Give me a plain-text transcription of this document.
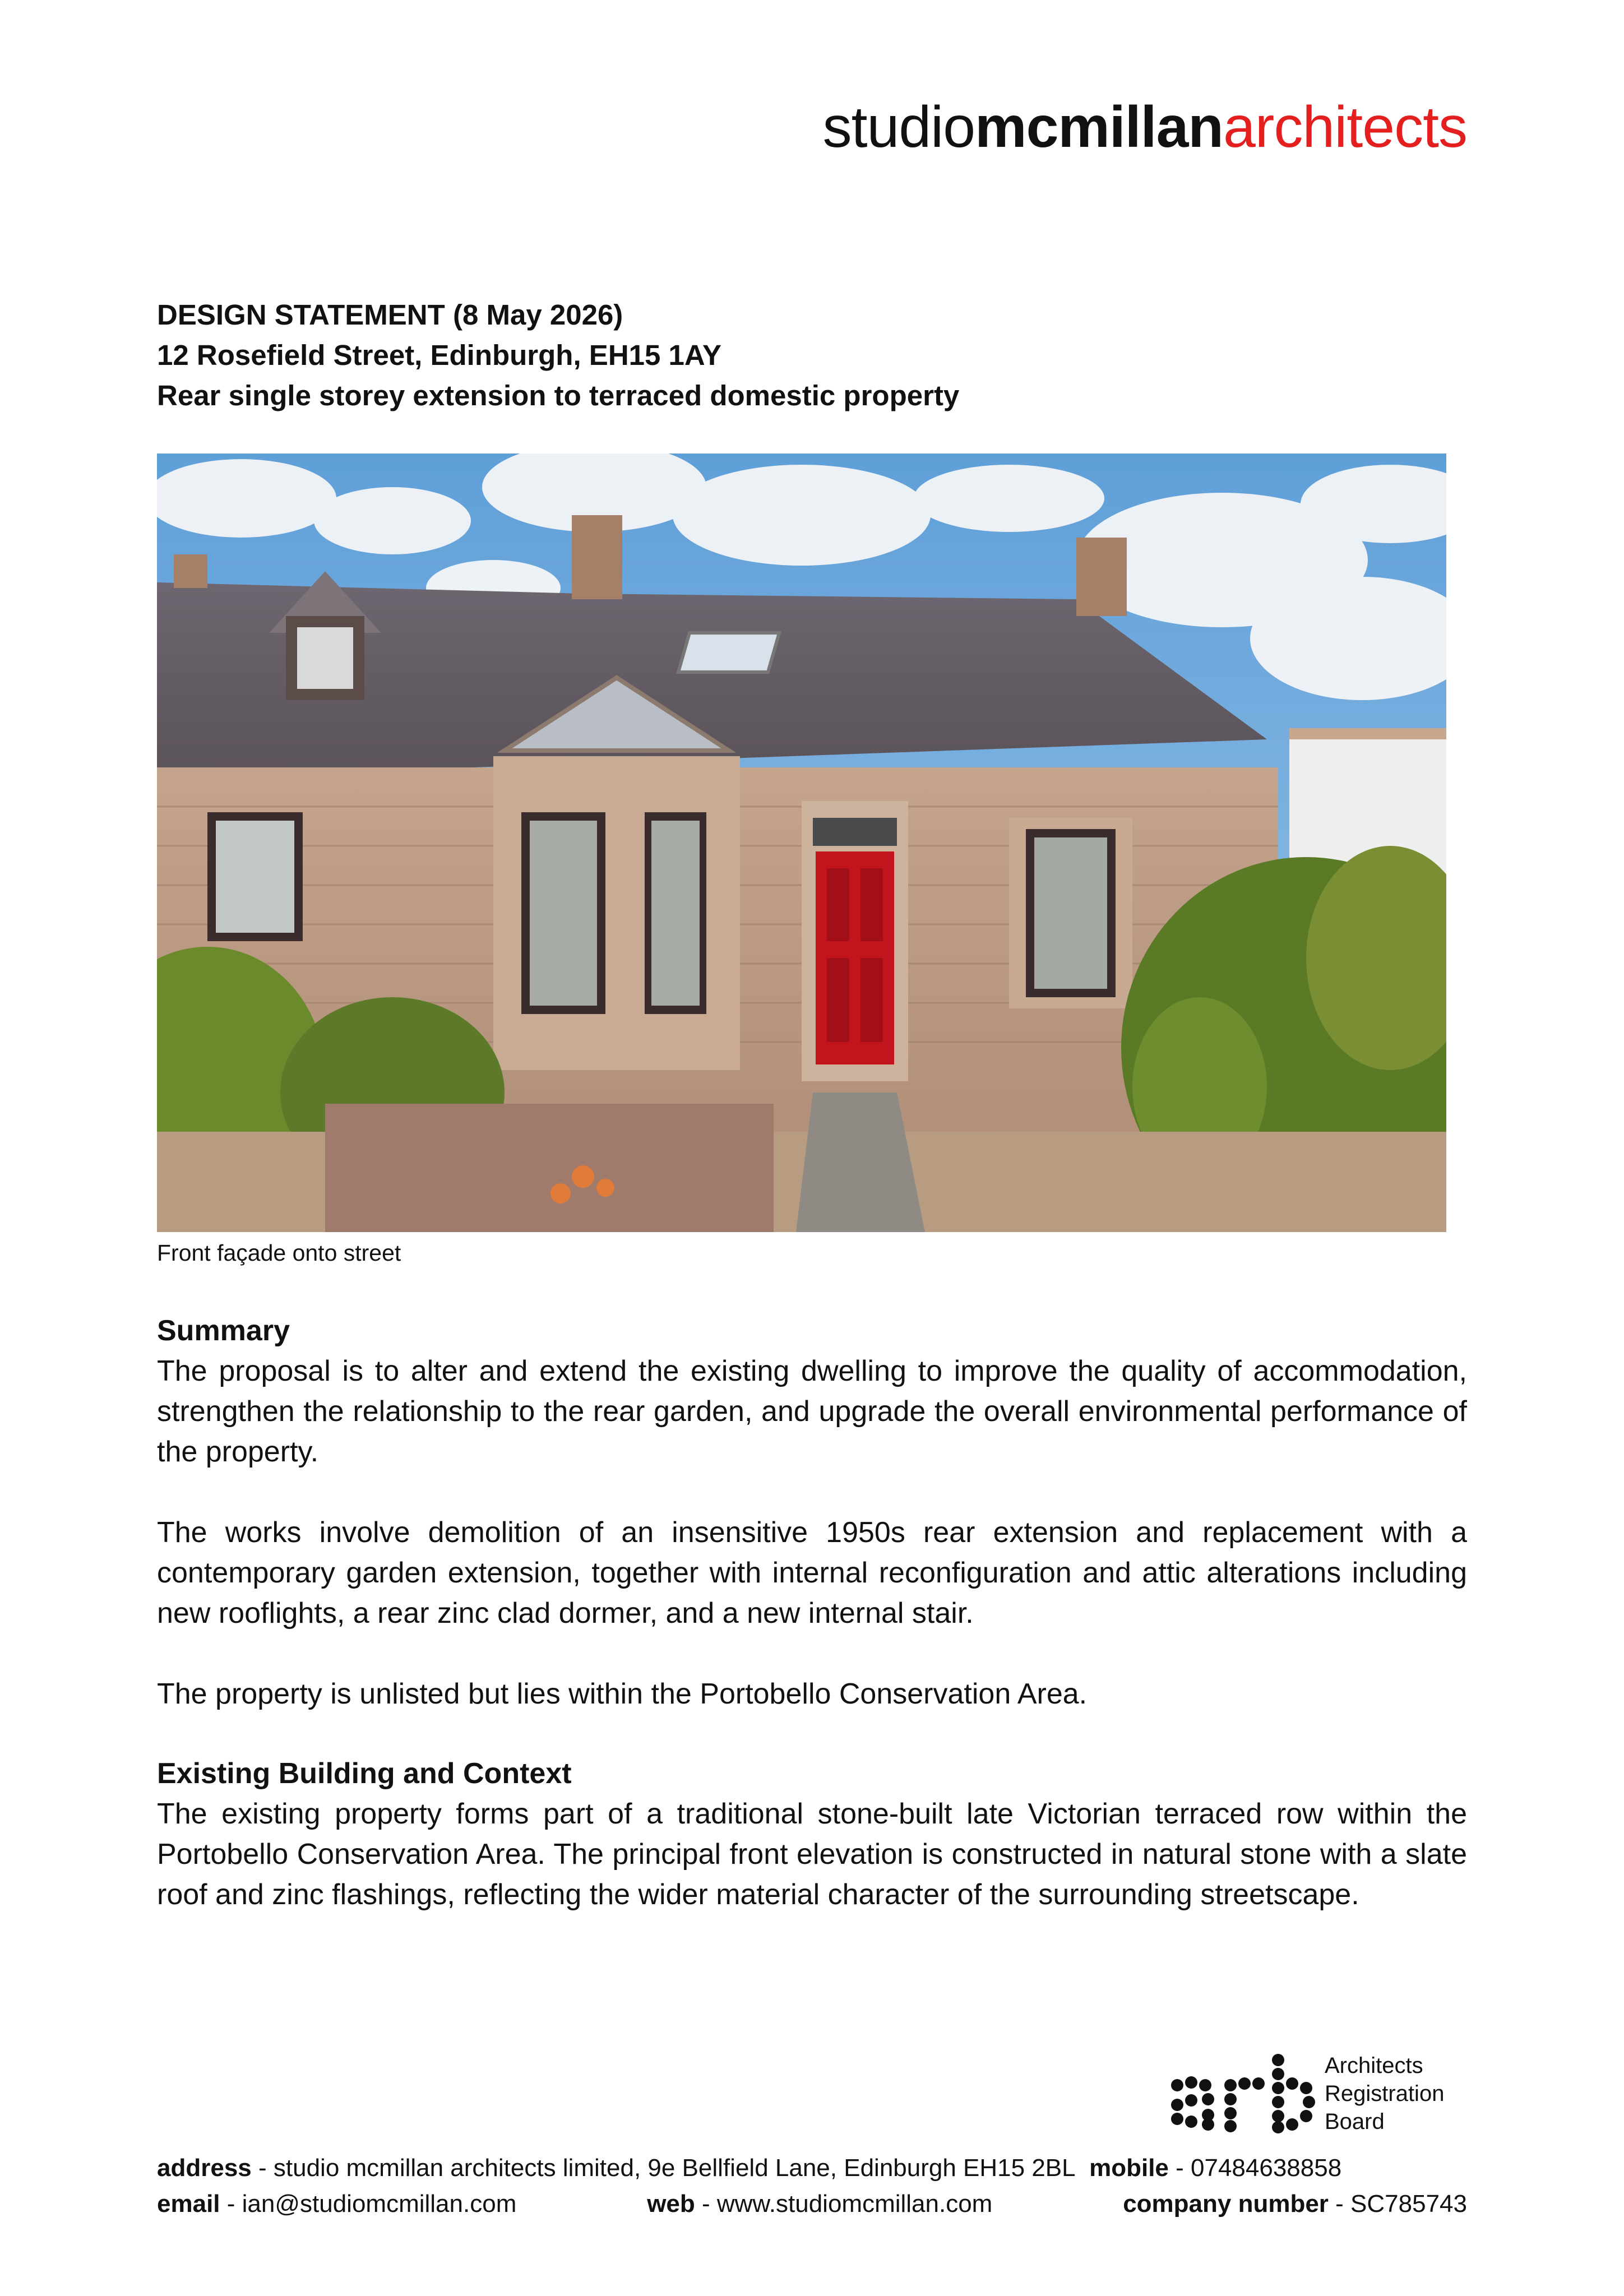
studiomcmillanarchitects
DESIGN STATEMENT (8 May 2026)
12 Rosefield Street, Edinburgh, EH15 1AY
Rear single storey extension to terraced domestic property
Front façade onto street
Summary

The proposal is to alter and extend the existing dwelling to improve the quality of accommodation, strengthen the relationship to the rear garden, and upgrade the overall environmental performance of the property.

The works involve demolition of an insensitive 1950s rear extension and replacement with a contemporary garden extension, together with internal reconfiguration and attic alterations including new rooflights, a rear zinc clad dormer, and a new internal stair.

The property is unlisted but lies within the Portobello Conservation Area.

Existing Building and Context

The existing property forms part of a traditional stone-built late Victorian terraced row within the Portobello Conservation Area. The principal front elevation is constructed in natural stone with a slate roof and zinc flashings, reflecting the wider material character of the surrounding streetscape.

Architects
Registration
Board
address - studio mcmillan architects limited, 9e Bellfield Lane, Edinburgh EH15 2BL mobile - 07484638858
email - ian@studiomcmillan.com	web - www.studiomcmillan.com	company number - SC785743
